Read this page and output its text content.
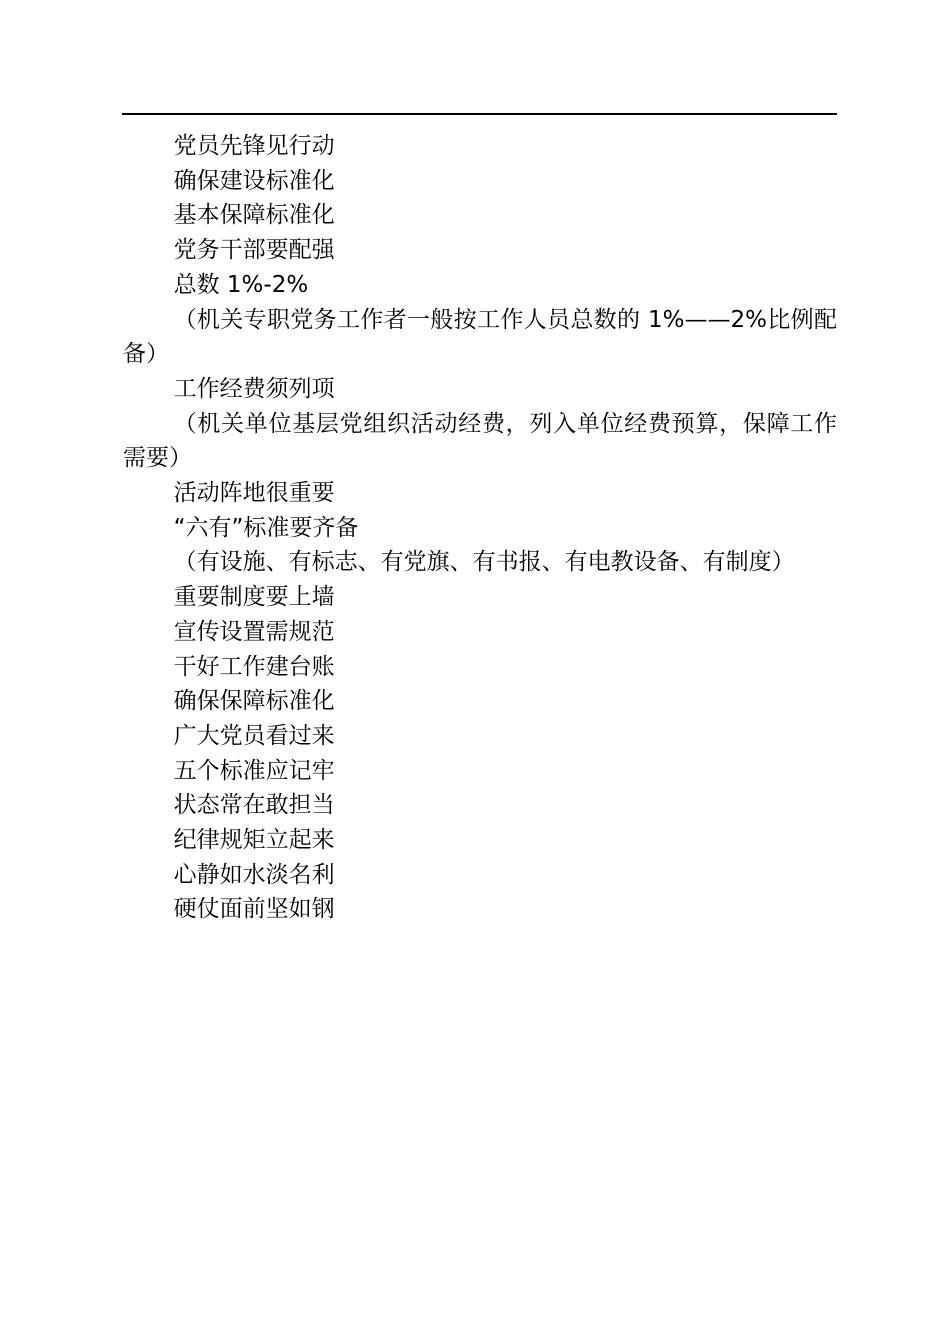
党员先锋见行动

确保建设标准化

基本保障标准化

党务干部要配强

总数 1%-2%

（机关专职党务工作者一般按工作人员总数的 1%——2%比例配备）

工作经费须列项

（机关单位基层党组织活动经费，列入单位经费预算，保障工作需要）

活动阵地很重要

“六有”标准要齐备

（有设施、有标志、有党旗、有书报、有电教设备、有制度）

重要制度要上墙

宣传设置需规范

干好工作建台账

确保保障标准化

广大党员看过来

五个标准应记牢

状态常在敢担当

纪律规矩立起来

心静如水淡名利

硬仗面前坚如钢
